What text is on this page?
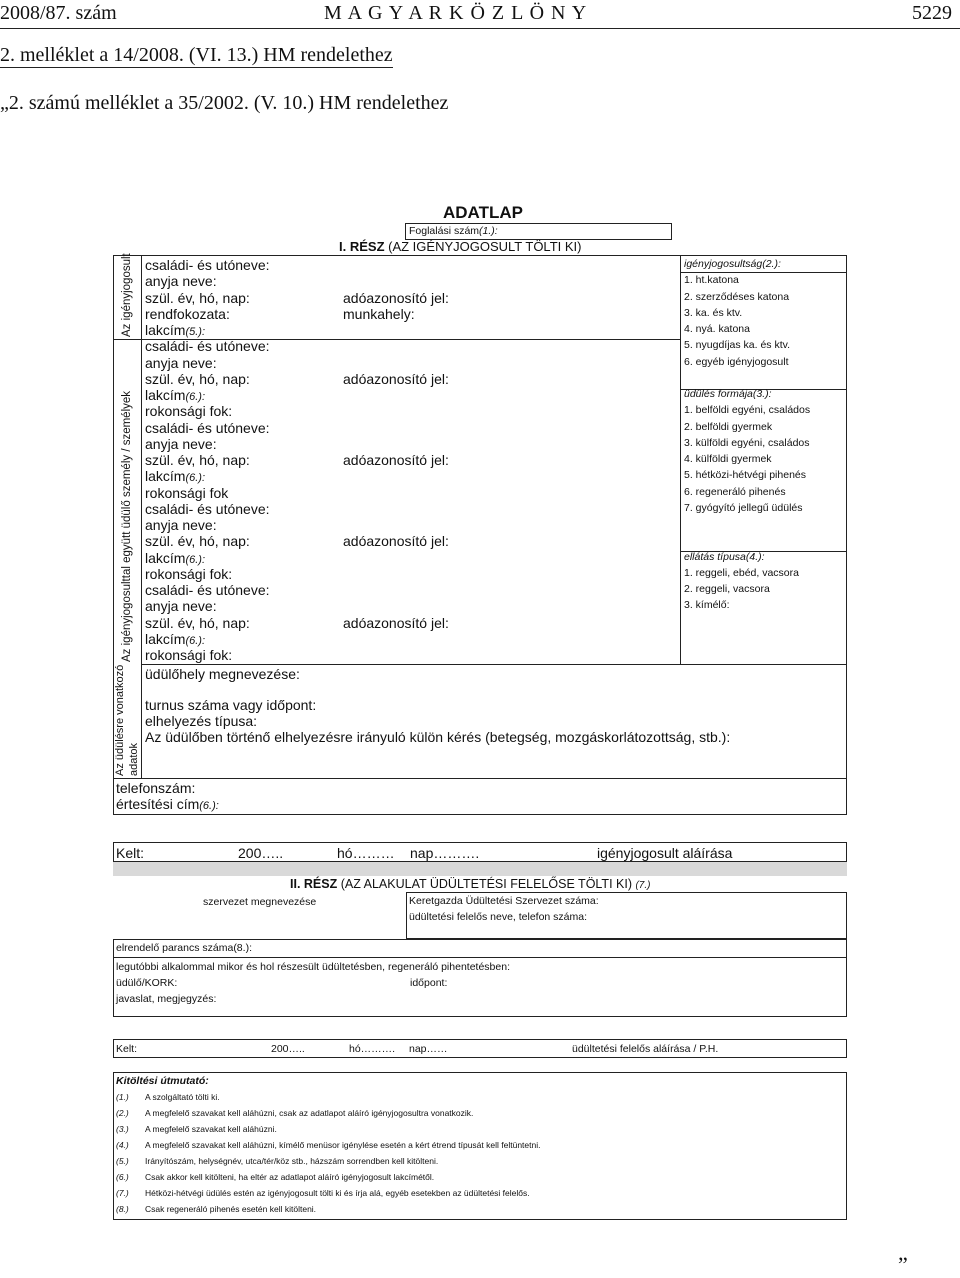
2008/87. szám	M A G Y A R K Ö Z L Ö N Y	5229
2. melléklet a 14/2008. (VI. 13.) HM rendelethez
„2. számú melléklet a 35/2002. (V. 10.) HM rendelethez
ADATLAP
Foglalási szám(1.):
I. RÉSZ (AZ IGÉNYJOGOSULT TÖLTI KI)
Az igényjogosult
Az igényjogosulttal együtt üdülő személy / személyek
Az üdülésre vonatkozó adatok
családi- és utóneve:
anyja neve:
szül. év, hó, nap:	adóazonosító jel:
rendfokozata:	munkahely:
lakcím(5.):
családi- és utóneve:
anyja neve:
szül. év, hó, nap:	adóazonosító jel:
lakcím(6.):
rokonsági fok:
családi- és utóneve:
anyja neve:
szül. év, hó, nap:	adóazonosító jel:
lakcím(6.):
rokonsági fok
családi- és utóneve:
anyja neve:
szül. év, hó, nap:	adóazonosító jel:
lakcím(6.):
rokonsági fok:
családi- és utóneve:
anyja neve:
szül. év, hó, nap:	adóazonosító jel:
lakcím(6.):
rokonsági fok:
igényjogosultság(2.):
1. ht.katona
2. szerződéses katona
3. ka. és ktv.
4. nyá. katona
5. nyugdíjas ka. és ktv.
6. egyéb igényjogosult
üdülés formája(3.):
1. belföldi egyéni, családos
2. belföldi gyermek
3. külföldi egyéni, családos
4. külföldi gyermek
5. hétközi-hétvégi pihenés
6. regeneráló pihenés
7. gyógyító jellegű üdülés
ellátás típusa(4.):
1. reggeli, ebéd, vacsora
2. reggeli, vacsora
3. kímélő:
üdülőhely megnevezése:
turnus száma vagy időpont:
elhelyezés típusa:
Az üdülőben történő elhelyezésre irányuló külön kérés (betegség, mozgáskorlátozottság, stb.):
telefonszám:
értesítési cím(6.):
Kelt:	200…..	hó……… nap……….	igényjogosult aláírása
II. RÉSZ (AZ ALAKULAT ÜDÜLTETÉSI FELELŐSE TÖLTI KI) (7.)
szervezet megnevezése	Keretgazda Üdültetési Szervezet száma:
üdültetési felelős neve, telefon száma:
elrendelő parancs száma(8.):
legutóbbi alkalommal mikor és hol részesült üdültetésben, regeneráló pihentetésben:
üdülő/KORK:	időpont:
javaslat, megjegyzés:
Kelt:	200…..	hó………. nap……	üdültetési felelős aláírása / P.H.
Kitöltési útmutató:
(1.) A szolgáltató tölti ki.
(2.) A megfelelő szavakat kell aláhúzni, csak az adatlapot aláíró igényjogosultra vonatkozik.
(3.) A megfelelő szavakat kell aláhúzni.
(4.) A megfelelő szavakat kell aláhúzni, kímélő menüsor igénylése esetén a kért étrend típusát kell feltüntetni.
(5.) Irányítószám, helységnév, utca/tér/köz stb., házszám sorrendben kell kitölteni.
(6.) Csak akkor kell kitölteni, ha eltér az adatlapot aláíró igényjogosult lakcímétől.
(7.) Hétközi-hétvégi üdülés estén az igényjogosult tölti ki és írja alá, egyéb esetekben az üdültetési felelős.
(8.) Csak regeneráló pihenés esetén kell kitölteni.
”
